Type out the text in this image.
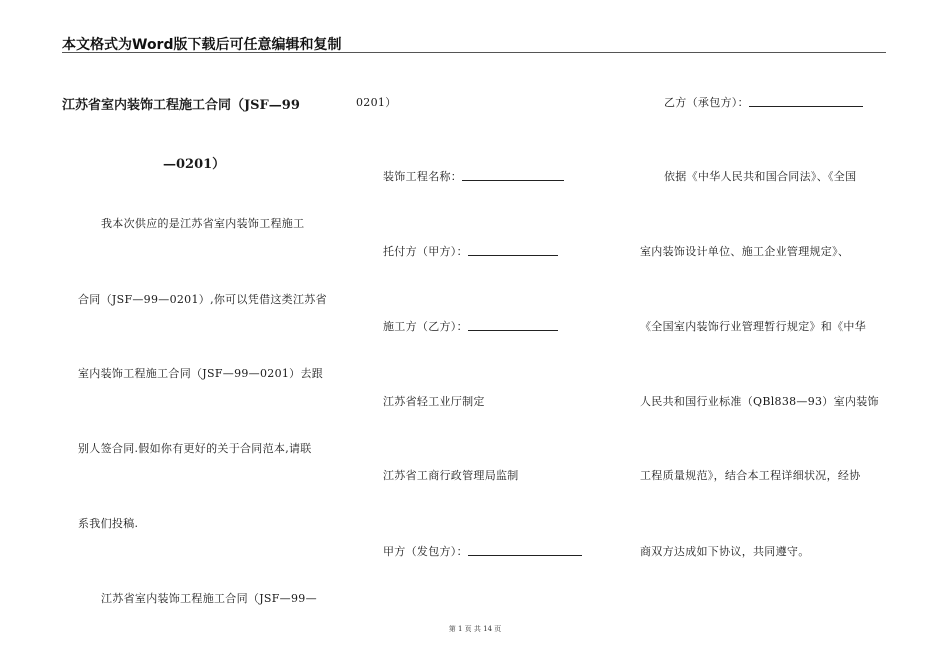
本文格式为Word版下载后可任意编辑和复制
江苏省室内装饰工程施工合同（JSF—99
—0201）
我本次供应的是江苏省室内装饰工程施工
合同（JSF—99—0201）,你可以凭借这类江苏省
室内装饰工程施工合同（JSF—99—0201）去跟
别人签合同.假如你有更好的关于合同范本,请联
系我们投稿.
江苏省室内装饰工程施工合同（JSF—99—
0201）
装饰工程名称：
托付方（甲方）：
施工方（乙方）：
江苏省轻工业厅制定
江苏省工商行政管理局监制
甲方（发包方）：
乙方（承包方）：
依据《中华人民共和国合同法》、《全国
室内装饰设计单位、施工企业管理规定》、
《全国室内装饰行业管理暂行规定》和《中华
人民共和国行业标准（QBl838—93）室内装饰
工程质量规范》，结合本工程详细状况，经协
商双方达成如下协议，共同遵守。
第 1 页 共 14 页
